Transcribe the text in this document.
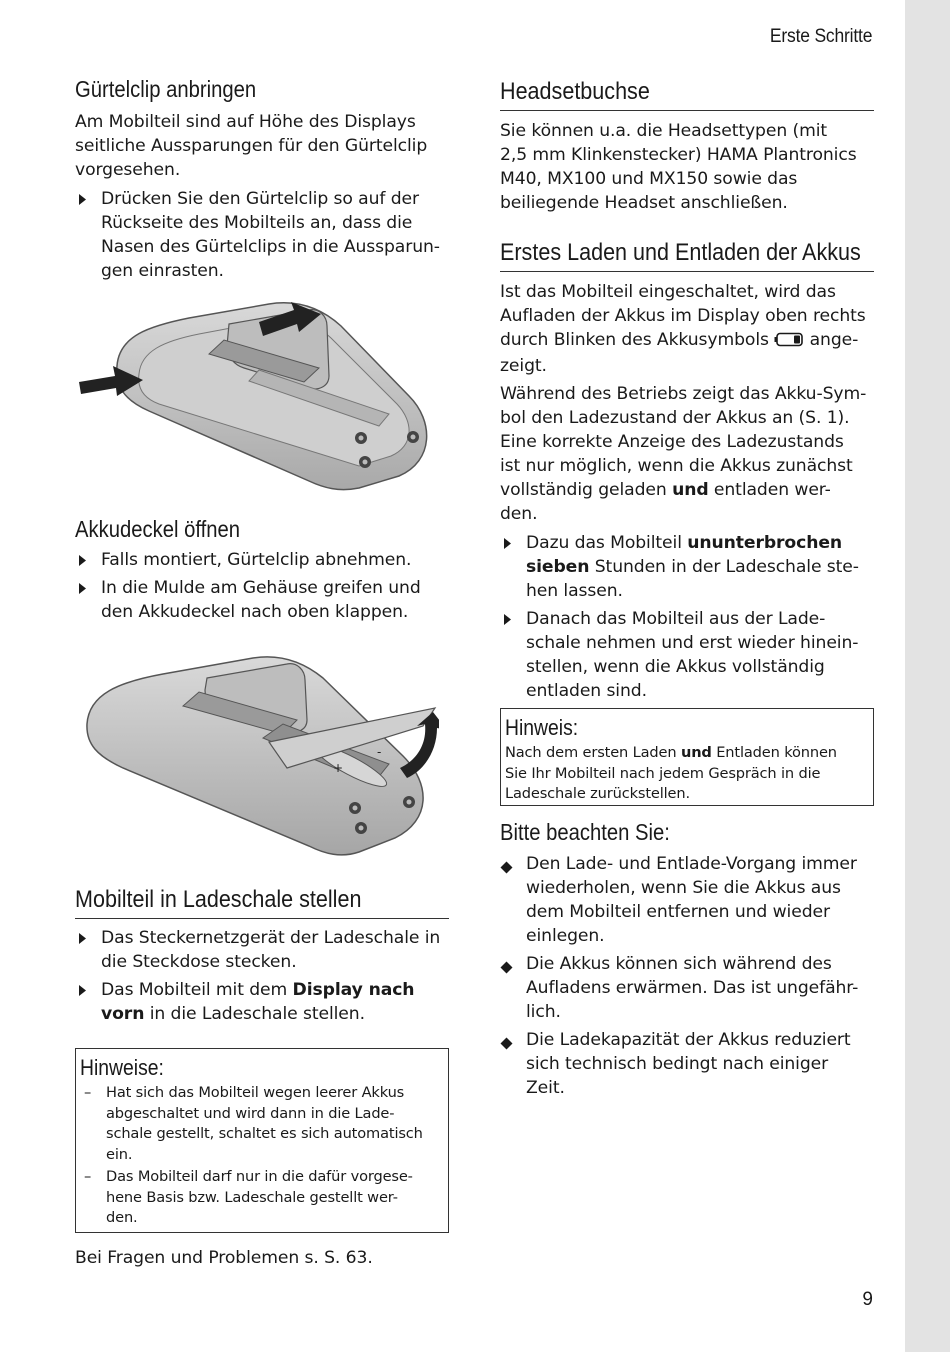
Erste Schritte
9
Gürtelclip anbringen
Am Mobilteil sind auf Höhe des Displays
seitliche Aussparungen für den Gürtelclip
vorgesehen.
Drücken Sie den Gürtelclip so auf der
Rückseite des Mobilteils an, dass die
Nasen des Gürtelclips in die Aussparun-
gen einrasten.
Akkudeckel öffnen
Falls montiert, Gürtelclip abnehmen.
In die Mulde am Gehäuse greifen und
den Akkudeckel nach oben klappen.
+
-
Mobilteil in Ladeschale stellen
Das Steckernetzgerät der Ladeschale in
die Steckdose stecken.
Das Mobilteil mit dem Display nach
vorn in die Ladeschale stellen.
Hinweise:
– Hat sich das Mobilteil wegen leerer Akkus
abgeschaltet und wird dann in die Lade-
schale gestellt, schaltet es sich automatisch
ein.
– Das Mobilteil darf nur in die dafür vorgese-
hene Basis bzw. Ladeschale gestellt wer-
den.
Bei Fragen und Problemen s. S. 63.
Headsetbuchse
Sie können u.a. die Headsettypen (mit
2,5 mm Klinkenstecker) HAMA Plantronics
M40, MX100 und MX150 sowie das
beiliegende Headset anschließen.
Erstes Laden und Entladen der Akkus
Ist das Mobilteil eingeschaltet, wird das
Aufladen der Akkus im Display oben rechts
durch Blinken des Akkusymbols  ange-
zeigt.
Während des Betriebs zeigt das Akku-Sym-
bol den Ladezustand der Akkus an (S. 1).
Eine korrekte Anzeige des Ladezustands
ist nur möglich, wenn die Akkus zunächst
vollständig geladen und entladen wer-
den.
Dazu das Mobilteil ununterbrochen
sieben Stunden in der Ladeschale ste-
hen lassen.
Danach das Mobilteil aus der Lade-
schale nehmen und erst wieder hinein-
stellen, wenn die Akkus vollständig
entladen sind.
Hinweis:
Nach dem ersten Laden und Entladen können
Sie Ihr Mobilteil nach jedem Gespräch in die
Ladeschale zurückstellen.
Bitte beachten Sie:
Den Lade- und Entlade-Vorgang immer
wiederholen, wenn Sie die Akkus aus
dem Mobilteil entfernen und wieder
einlegen.
Die Akkus können sich während des
Aufladens erwärmen. Das ist ungefähr-
lich.
Die Ladekapazität der Akkus reduziert
sich technisch bedingt nach einiger
Zeit.
